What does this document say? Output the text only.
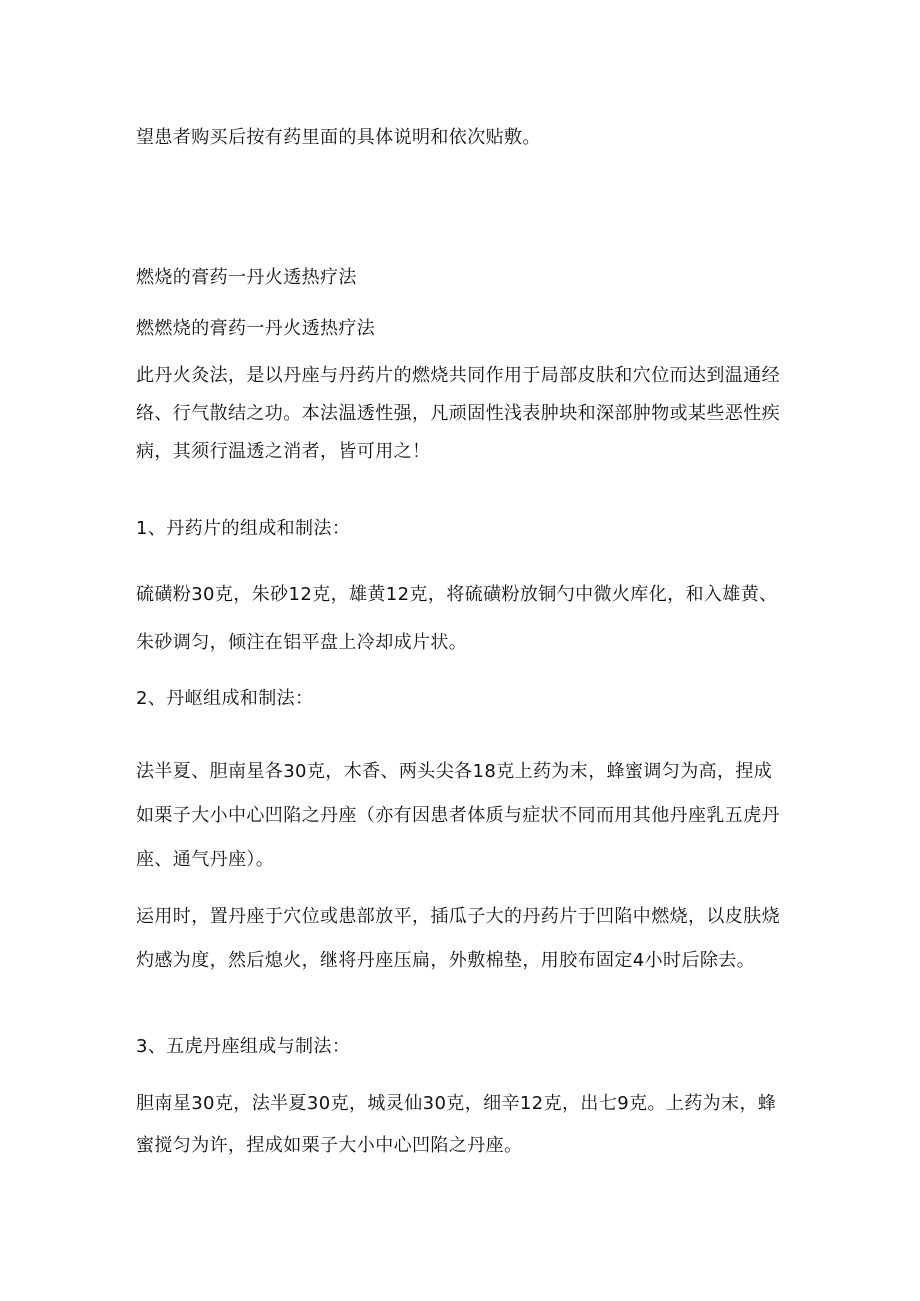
望患者购买后按有药里面的具体说明和依次贴敷。
燃烧的膏药一丹火透热疗法
燃燃烧的膏药一丹火透热疗法
此丹火灸法，是以丹座与丹药片的燃烧共同作用于局部皮肤和穴位而达到温通经
络、行气散结之功。本法温透性强，凡顽固性浅表肿块和深部肿物或某些恶性疾
病，其须行温透之消者，皆可用之！
1、丹药片的组成和制法：
硫磺粉30克，朱砂12克，雄黄12克，将硫磺粉放铜勺中微火库化，和入雄黄、
朱砂调匀，倾注在铝平盘上冷却成片状。
2、丹岖组成和制法：
法半夏、胆南星各30克，木香、两头尖各18克上药为末，蜂蜜调匀为高，捏成
如栗子大小中心凹陷之丹座（亦有因患者体质与症状不同而用其他丹座乳五虎丹
座、通气丹座）。
运用时，置丹座于穴位或患部放平，插瓜子大的丹药片于凹陷中燃烧，以皮肤烧
灼感为度，然后熄火，继将丹座压扁，外敷棉垫，用胶布固定4小时后除去。
3、五虎丹座组成与制法：
胆南星30克，法半夏30克，城灵仙30克，细辛12克，出七9克。上药为末，蜂
蜜搅匀为许，捏成如栗子大小中心凹陷之丹座。
